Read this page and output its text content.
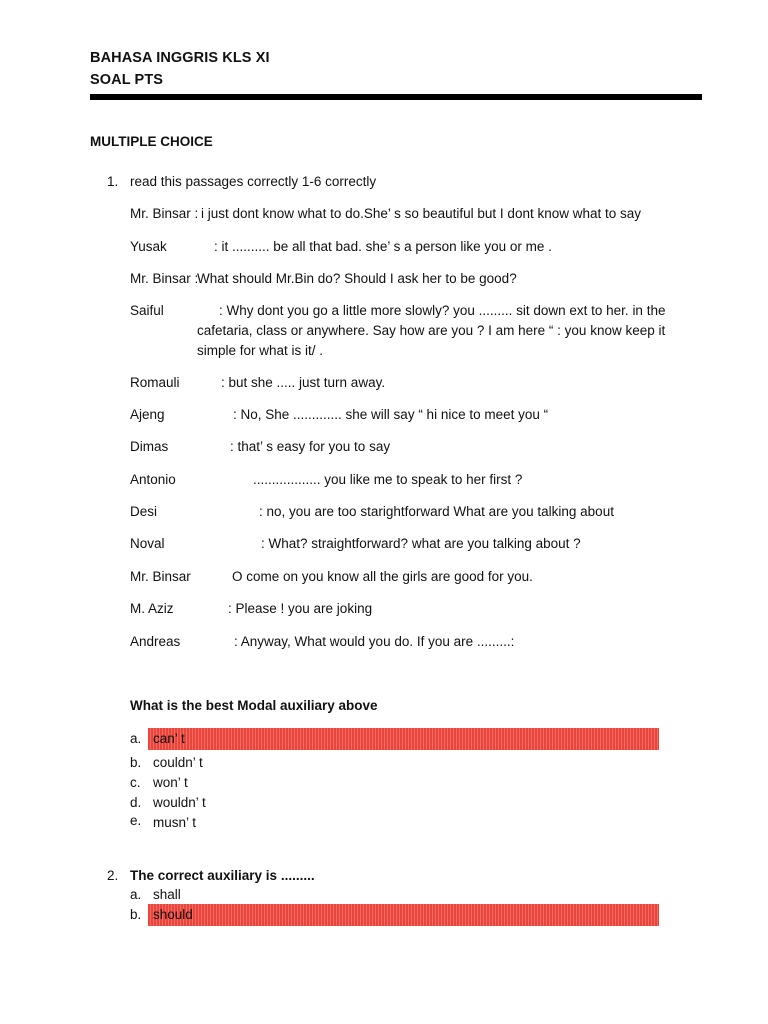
BAHASA INGGRIS KLS XI
SOAL PTS
MULTIPLE CHOICE
1. read this passages correctly 1-6 correctly
Mr. Binsar : i just dont know what to do.She’ s so beautiful but I dont know what to say
Yusak	: it .......... be all that bad. she’ s a person like you or me .
Mr. Binsar :
What should Mr.Bin do? Should I ask her to be good?
Saiful	: Why dont you go a little more slowly? you ......... sit down ext to her. in the
cafetaria, class or anywhere. Say how are you ? I am here “ : you know keep it
simple for what is it/ .
Romauli	: but she ..... just turn away.
Ajeng	: No, She ............. she will say “ hi nice to meet you “
Dimas	: that’ s easy for you to say
Antonio	.................. you like me to speak to her first ?
Desi	: no, you are too starightforward What are you talking about
Noval	: What? straightforward? what are you talking about ?
Mr. Binsar	O come on you know all the girls are good for you.
M. Aziz	: Please ! you are joking
Andreas	: Anyway, What would you do. If you are .........:
What is the best Modal auxiliary above
a. can’ t
b. couldn’ t
c. won’ t
d. wouldn’ t
e. musn’ t
2. The correct auxiliary is .........
a. shall
b. should
